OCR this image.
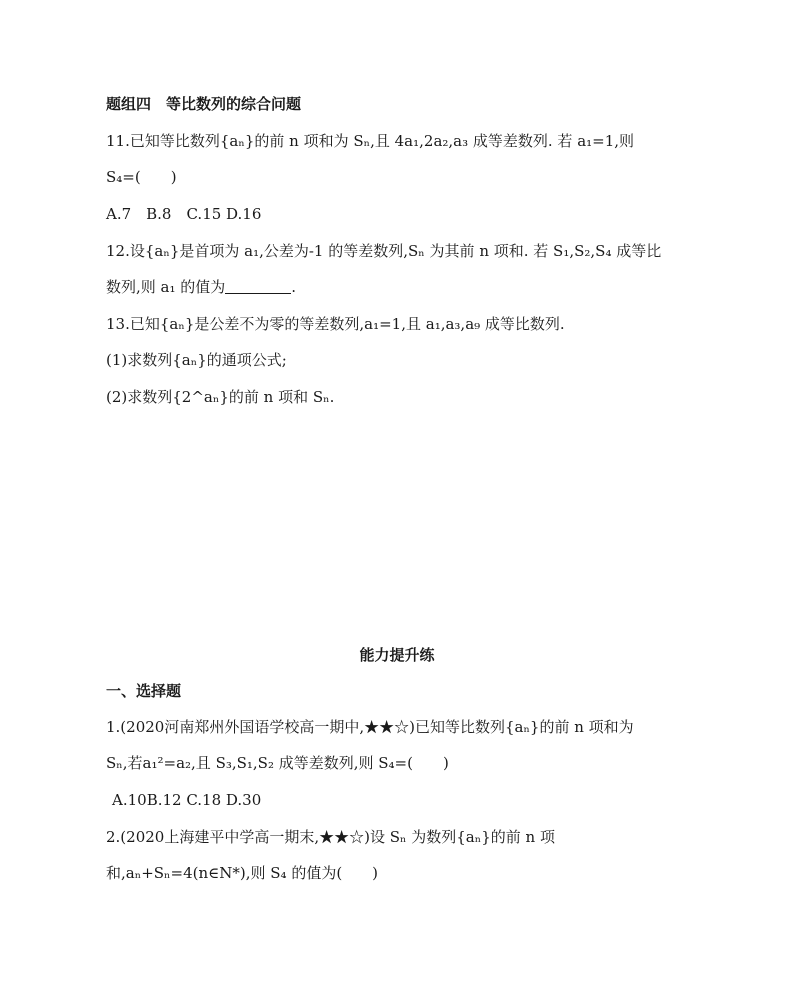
题组四　等比数列的综合问题
11.已知等比数列{aₙ}的前 n 项和为 Sₙ,且 4a₁,2a₂,a₃ 成等差数列. 若 a₁=1,则
S₄=(　　)
A.7　B.8　C.15 D.16
12.设{aₙ}是首项为 a₁,公差为-1 的等差数列,Sₙ 为其前 n 项和. 若 S₁,S₂,S₄ 成等比
数列,则 a₁ 的值为	.
13.已知{aₙ}是公差不为零的等差数列,a₁=1,且 a₁,a₃,a₉ 成等比数列.
(1)求数列{aₙ}的通项公式;
(2)求数列{2^aₙ}的前 n 项和 Sₙ.
能力提升练
一、选择题
1.(2020河南郑州外国语学校高一期中,★★☆)已知等比数列{aₙ}的前 n 项和为
Sₙ,若a₁²=a₂,且 S₃,S₁,S₂ 成等差数列,则 S₄=(　　)
A.10B.12 C.18 D.30
2.(2020上海建平中学高一期末,★★☆)设 Sₙ 为数列{aₙ}的前 n 项
和,aₙ+Sₙ=4(n∈N*),则 S₄ 的值为(　　)
